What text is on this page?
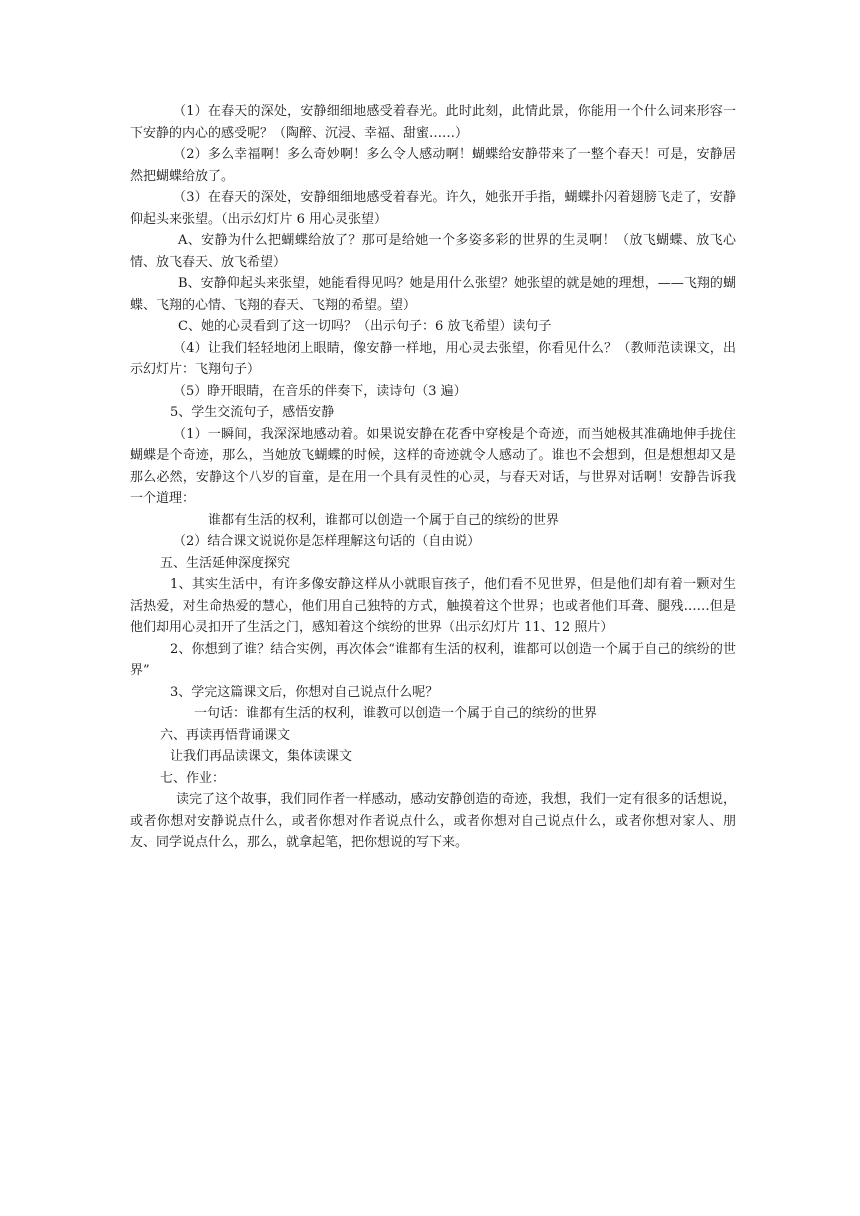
（1）在春天的深处，安静细细地感受着春光。此时此刻，此情此景，你能用一个什么词来形容一下安静的内心的感受呢？（陶醉、沉浸、幸福、甜蜜……）

（2）多么幸福啊！多么奇妙啊！多么令人感动啊！蝴蝶给安静带来了一整个春天！可是，安静居然把蝴蝶给放了。

（3）在春天的深处，安静细细地感受着春光。许久，她张开手指，蝴蝶扑闪着翅膀飞走了，安静仰起头来张望。（出示幻灯片 6 用心灵张望）

A、安静为什么把蝴蝶给放了？那可是给她一个多姿多彩的世界的生灵啊！（放飞蝴蝶、放飞心情、放飞春天、放飞希望）

B、安静仰起头来张望，她能看得见吗？她是用什么张望？她张望的就是她的理想，——飞翔的蝴蝶、飞翔的心情、飞翔的春天、飞翔的希望。望）

C、她的心灵看到了这一切吗？（出示句子：6 放飞希望）读句子

（4）让我们轻轻地闭上眼睛，像安静一样地，用心灵去张望，你看见什么？（教师范读课文，出示幻灯片：飞翔句子）

（5）睁开眼睛，在音乐的伴奏下，读诗句（3 遍）

5、学生交流句子，感悟安静

（1）一瞬间，我深深地感动着。如果说安静在花香中穿梭是个奇迹，而当她极其准确地伸手拢住蝴蝶是个奇迹，那么，当她放飞蝴蝶的时候，这样的奇迹就令人感动了。谁也不会想到，但是想想却又是那么必然，安静这个八岁的盲童，是在用一个具有灵性的心灵，与春天对话，与世界对话啊！安静告诉我一个道理：

谁都有生活的权利，谁都可以创造一个属于自己的缤纷的世界

（2）结合课文说说你是怎样理解这句话的（自由说）

五、生活延伸深度探究

1、其实生活中，有许多像安静这样从小就眼盲孩子，他们看不见世界，但是他们却有着一颗对生活热爱，对生命热爱的慧心，他们用自己独特的方式，触摸着这个世界；也或者他们耳聋、腿残……但是他们却用心灵扣开了生活之门，感知着这个缤纷的世界（出示幻灯片 11、12 照片）

2、你想到了谁？结合实例，再次体会“谁都有生活的权利，谁都可以创造一个属于自己的缤纷的世界”

3、学完这篇课文后，你想对自己说点什么呢？

一句话：谁都有生活的权利，谁教可以创造一个属于自己的缤纷的世界

六、再读再悟背诵课文

让我们再品读课文，集体读课文

七、作业：

读完了这个故事，我们同作者一样感动，感动安静创造的奇迹，我想，我们一定有很多的话想说，或者你想对安静说点什么，或者你想对作者说点什么，或者你想对自己说点什么，或者你想对家人、朋友、同学说点什么，那么，就拿起笔，把你想说的写下来。
